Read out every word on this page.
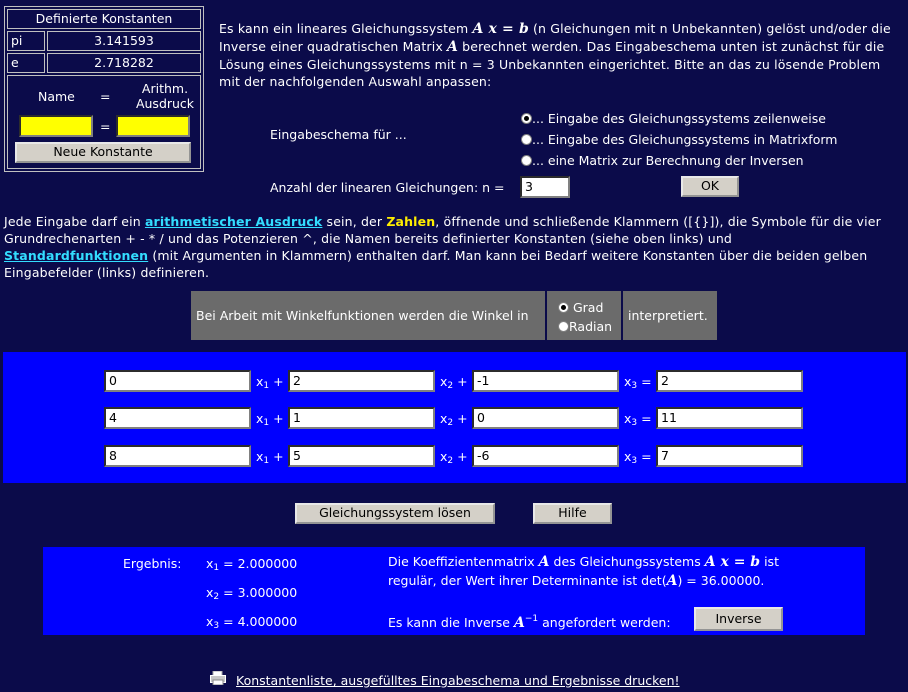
Definierte Konstanten
pi	3.141593
e	2.718282
Name =
Arithm.
Ausdruck
=
Neue Konstante
Es kann ein lineares Gleichungssystem A x = b (n Gleichungen mit n Unbekannten) gelöst und/oder die
Inverse einer quadratischen Matrix A berechnet werden. Das Eingabeschema unten ist zunächst für die
Lösung eines Gleichungssystems mit n = 3 Unbekannten eingerichtet. Bitte an das zu lösende Problem
mit der nachfolgenden Auswahl anpassen:
Eingabeschema für ...
... Eingabe des Gleichungssystems zeilenweise
... Eingabe des Gleichungssystems in Matrixform
... eine Matrix zur Berechnung der Inversen
Anzahl der linearen Gleichungen: n =	3	OK
Jede Eingabe darf ein arithmetischer Ausdruck sein, der Zahlen, öffnende und schließende Klammern ([{}]), die Symbole für die vier
Grundrechenarten + - * / und das Potenzieren ^, die Namen bereits definierter Konstanten (siehe oben links) und
Standardfunktionen (mit Argumenten in Klammern) enthalten darf. Man kann bei Bedarf weitere Konstanten über die beiden gelben
Eingabefelder (links) definieren.
Bei Arbeit mit Winkelfunktionen werden die Winkel in
Grad
Radian
interpretiert.
0	$x_1 + 2$	$x_2 + -1$	$x_3 = 2$
4	$x_1 + 1$	$x_2 + 0$	$x_3 = 11$
8	$x_1 + 5$	$x_2 + -6$	$x_3 = 7$
Gleichungssystem lösen	Hilfe
Ergebnis: $x_1 = 2.000000$
$x_2 = 3.000000$
$x_3 = 4.000000$
Die Koeffizientenmatrix A des Gleichungssystems A x = b ist
regulär, der Wert ihrer Determinante ist det(A) = 36.00000.
Es kann die Inverse $A^{-1}$ angefordert werden:	Inverse
Konstantenliste, ausgefülltes Eingabeschema und Ergebnisse drucken!
